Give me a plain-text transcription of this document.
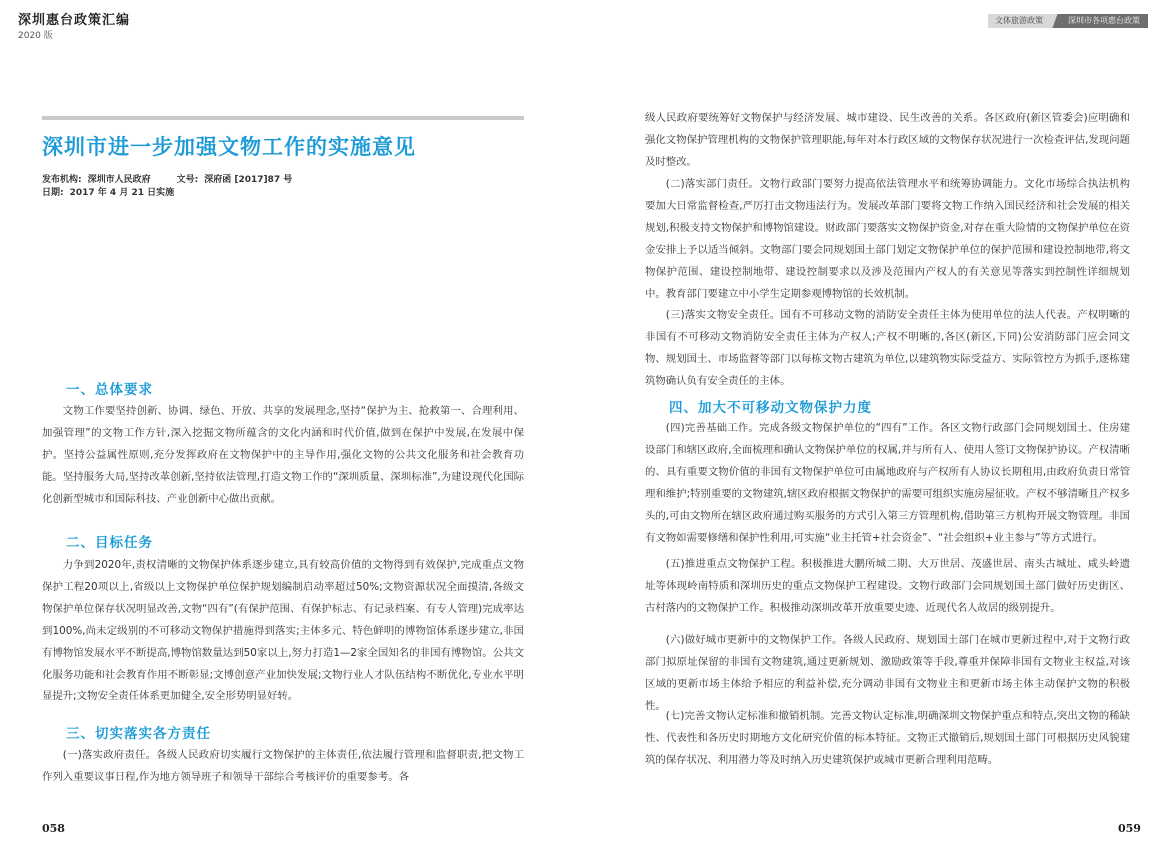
深圳惠台政策汇编
2020 版
深圳市进一步加强文物工作的实施意见
发布机构: 深圳市人民政府	文号: 深府函 [2017]87 号
日期: 2017 年 4 月 21 日实施
一、总体要求

文物工作要坚持创新、协调、绿色、开放、共享的发展理念,坚持“保护为主、抢救第一、合理利用、加强管理”的文物工作方针,深入挖掘文物所蕴含的文化内涵和时代价值,做到在保护中发展,在发展中保护。坚持公益属性原则,充分发挥政府在文物保护中的主导作用,强化文物的公共文化服务和社会教育功能。坚持服务大局,坚持改革创新,坚持依法管理,打造文物工作的“深圳质量、深圳标准”,为建设现代化国际化创新型城市和国际科技、产业创新中心做出贡献。

二、目标任务

力争到2020年,责权清晰的文物保护体系逐步建立,具有较高价值的文物得到有效保护,完成重点文物保护工程20项以上,省级以上文物保护单位保护规划编制启动率超过50%;文物资源状况全面摸清,各级文物保护单位保存状况明显改善,文物“四有”(有保护范围、有保护标志、有记录档案、有专人管理)完成率达到100%,尚未定级别的不可移动文物保护措施得到落实;主体多元、特色鲜明的博物馆体系逐步建立,非国有博物馆发展水平不断提高,博物馆数量达到50家以上,努力打造1—2家全国知名的非国有博物馆。公共文化服务功能和社会教育作用不断彰显;文博创意产业加快发展;文物行业人才队伍结构不断优化,专业水平明显提升;文物安全责任体系更加健全,安全形势明显好转。

三、切实落实各方责任

(一)落实政府责任。各级人民政府切实履行文物保护的主体责任,依法履行管理和监督职责,把文物工作列入重要议事日程,作为地方领导班子和领导干部综合考核评价的重要参考。各

058
文体旅游政策	深圳市各项惠台政策
059

级人民政府要统筹好文物保护与经济发展、城市建设、民生改善的关系。各区政府(新区管委会)应明确和强化文物保护管理机构的文物保护管理职能,每年对本行政区域的文物保存状况进行一次检查评估,发现问题及时整改。

(二)落实部门责任。文物行政部门要努力提高依法管理水平和统筹协调能力。文化市场综合执法机构要加大日常监督检查,严厉打击文物违法行为。发展改革部门要将文物工作纳入国民经济和社会发展的相关规划,积极支持文物保护和博物馆建设。财政部门要落实文物保护资金,对存在重大险情的文物保护单位在资金安排上予以适当倾斜。文物部门要会同规划国土部门划定文物保护单位的保护范围和建设控制地带,将文物保护范围、建设控制地带、建设控制要求以及涉及范围内产权人的有关意见等落实到控制性详细规划中。教育部门要建立中小学生定期参观博物馆的长效机制。

(三)落实文物安全责任。国有不可移动文物的消防安全责任主体为使用单位的法人代表。产权明晰的非国有不可移动文物消防安全责任主体为产权人;产权不明晰的,各区(新区,下同)公安消防部门应会同文物、规划国土、市场监督等部门以每栋文物古建筑为单位,以建筑物实际受益方、实际管控方为抓手,逐栋建筑物确认负有安全责任的主体。

四、加大不可移动文物保护力度

(四)完善基础工作。完成各级文物保护单位的“四有”工作。各区文物行政部门会同规划国土、住房建设部门和辖区政府,全面梳理和确认文物保护单位的权属,并与所有人、使用人签订文物保护协议。产权清晰的、具有重要文物价值的非国有文物保护单位可由属地政府与产权所有人协议长期租用,由政府负责日常管理和维护;特别重要的文物建筑,辖区政府根据文物保护的需要可组织实施房屋征收。产权不够清晰且产权多头的,可由文物所在辖区政府通过购买服务的方式引入第三方管理机构,借助第三方机构开展文物管理。非国有文物如需要修缮和保护性利用,可实施“业主托管+社会资金”、“社会组织+业主参与”等方式进行。

(五)推进重点文物保护工程。积极推进大鹏所城二期、大万世居、茂盛世居、南头古城址、咸头岭遗址等体现岭南特质和深圳历史的重点文物保护工程建设。文物行政部门会同规划国土部门做好历史街区、古村落内的文物保护工作。积极推动深圳改革开放重要史迹、近现代名人故居的级别提升。

(六)做好城市更新中的文物保护工作。各级人民政府、规划国土部门在城市更新过程中,对于文物行政部门拟原址保留的非国有文物建筑,通过更新规划、激励政策等手段,尊重并保障非国有文物业主权益,对该区域的更新市场主体给予相应的利益补偿,充分调动非国有文物业主和更新市场主体主动保护文物的积极性。

(七)完善文物认定标准和撤销机制。完善文物认定标准,明确深圳文物保护重点和特点,突出文物的稀缺性、代表性和各历史时期地方文化研究价值的标本特征。文物正式撤销后,规划国土部门可根据历史风貌建筑的保存状况、利用潜力等及时纳入历史建筑保护或城市更新合理利用范畴。
